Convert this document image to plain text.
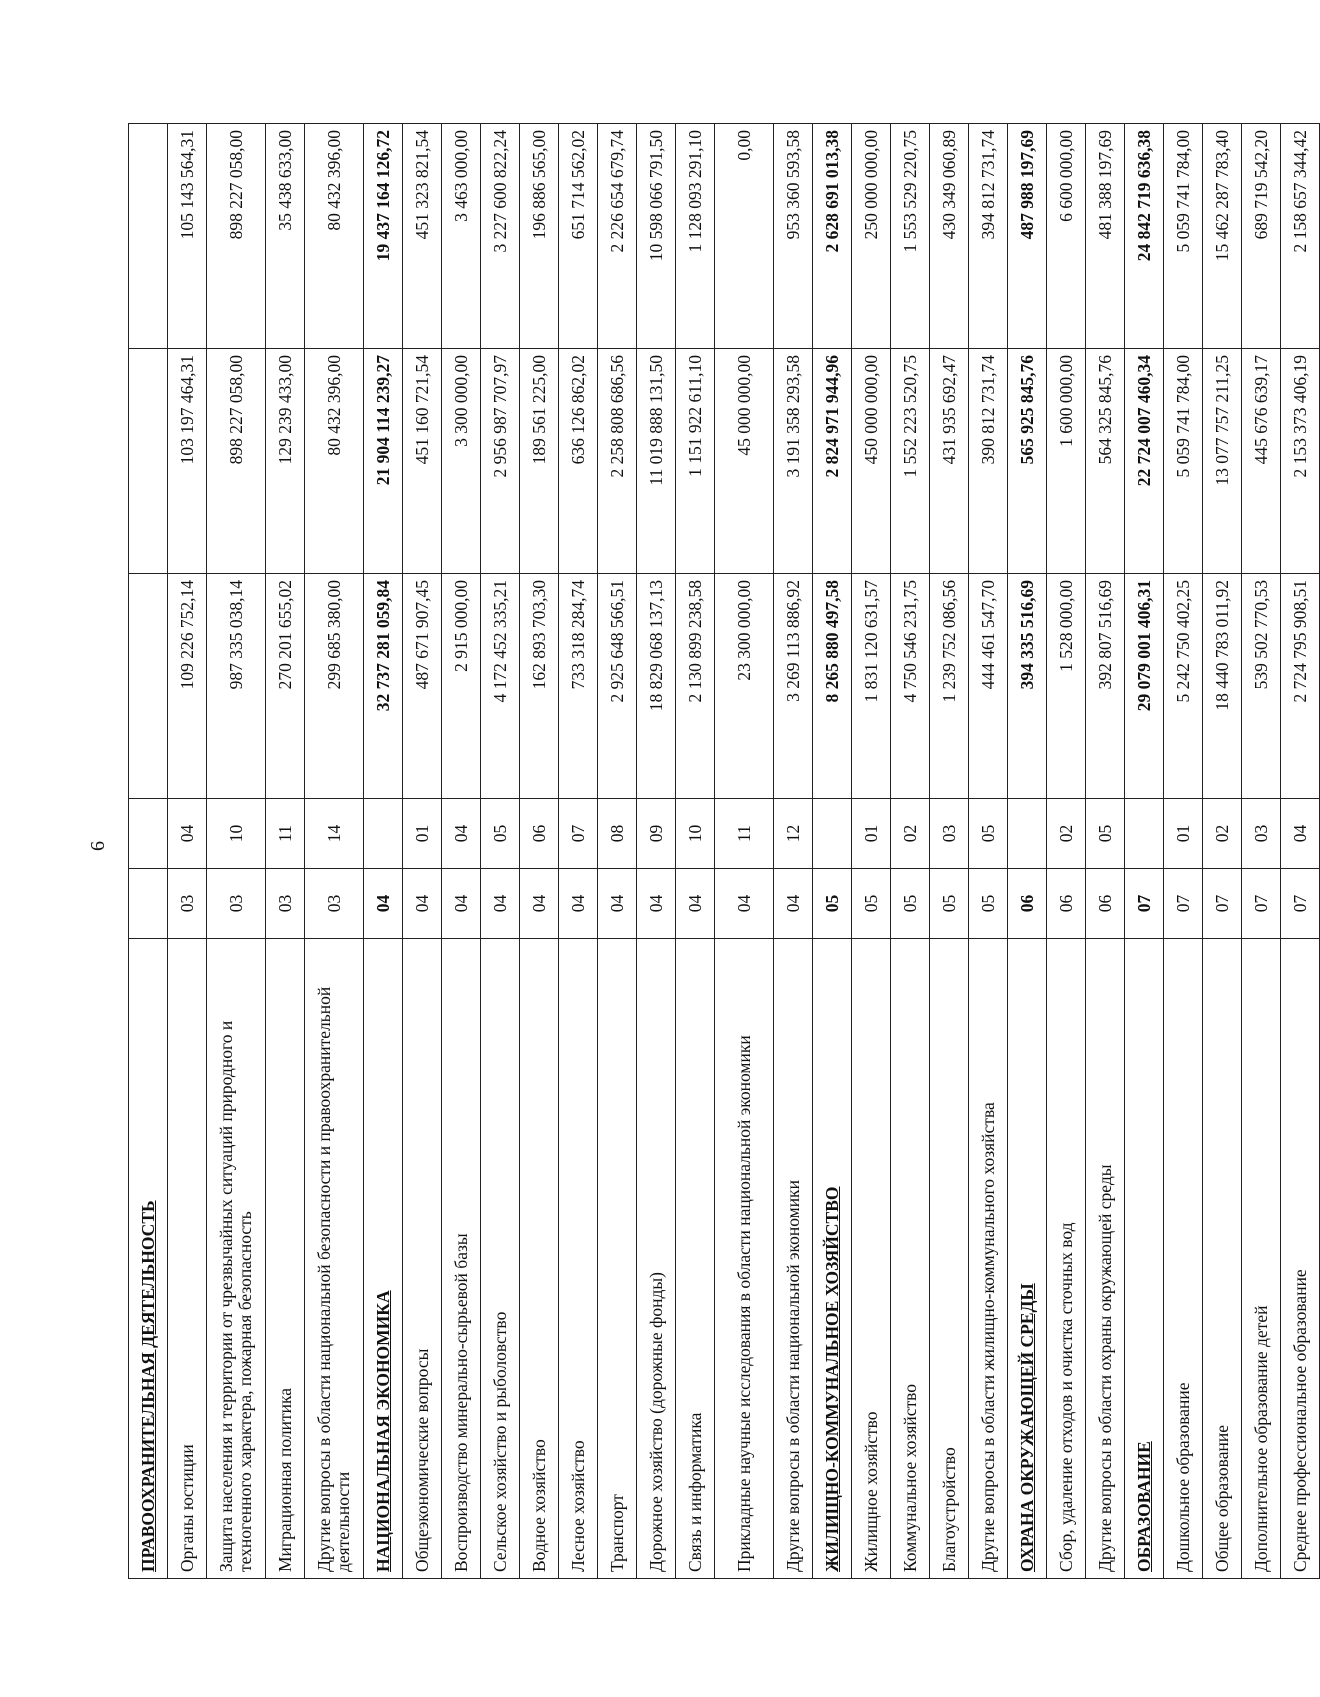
6
ПРАВООХРАНИТЕЛЬНАЯ ДЕЯТЕЛЬНОСТЬ					
Органы юстиции	03	04	109 226 752,14	103 197 464,31	105 143 564,31
Защита населения и территории от чрезвычайных ситуаций природного и техногенного характера, пожарная безопасность	03	10	987 335 038,14	898 227 058,00	898 227 058,00
Миграционная политика	03	11	270 201 655,02	129 239 433,00	35 438 633,00
Другие вопросы в области национальной безопасности и правоохранительной деятельности	03	14	299 685 380,00	80 432 396,00	80 432 396,00
НАЦИОНАЛЬНАЯ ЭКОНОМИКА	04		32 737 281 059,84	21 904 114 239,27	19 437 164 126,72
Общеэкономические вопросы	04	01	487 671 907,45	451 160 721,54	451 323 821,54
Воспроизводство минерально-сырьевой базы	04	04	2 915 000,00	3 300 000,00	3 463 000,00
Сельское хозяйство и рыболовство	04	05	4 172 452 335,21	2 956 987 707,97	3 227 600 822,24
Водное хозяйство	04	06	162 893 703,30	189 561 225,00	196 886 565,00
Лесное хозяйство	04	07	733 318 284,74	636 126 862,02	651 714 562,02
Транспорт	04	08	2 925 648 566,51	2 258 808 686,56	2 226 654 679,74
Дорожное хозяйство (дорожные фонды)	04	09	18 829 068 137,13	11 019 888 131,50	10 598 066 791,50
Связь и информатика	04	10	2 130 899 238,58	1 151 922 611,10	1 128 093 291,10
Прикладные научные исследования в области национальной экономики	04	11	23 300 000,00	45 000 000,00	0,00
Другие вопросы в области национальной экономики	04	12	3 269 113 886,92	3 191 358 293,58	953 360 593,58
ЖИЛИЩНО-КОММУНАЛЬНОЕ ХОЗЯЙСТВО	05		8 265 880 497,58	2 824 971 944,96	2 628 691 013,38
Жилищное хозяйство	05	01	1 831 120 631,57	450 000 000,00	250 000 000,00
Коммунальное хозяйство	05	02	4 750 546 231,75	1 552 223 520,75	1 553 529 220,75
Благоустройство	05	03	1 239 752 086,56	431 935 692,47	430 349 060,89
Другие вопросы в области жилищно-коммунального хозяйства	05	05	444 461 547,70	390 812 731,74	394 812 731,74
ОХРАНА ОКРУЖАЮЩЕЙ СРЕДЫ	06		394 335 516,69	565 925 845,76	487 988 197,69
Сбор, удаление отходов и очистка сточных вод	06	02	1 528 000,00	1 600 000,00	6 600 000,00
Другие вопросы в области охраны окружающей среды	06	05	392 807 516,69	564 325 845,76	481 388 197,69
ОБРАЗОВАНИЕ	07		29 079 001 406,31	22 724 007 460,34	24 842 719 636,38
Дошкольное образование	07	01	5 242 750 402,25	5 059 741 784,00	5 059 741 784,00
Общее образование	07	02	18 440 783 011,92	13 077 757 211,25	15 462 287 783,40
Дополнительное образование детей	07	03	539 502 770,53	445 676 639,17	689 719 542,20
Среднее профессиональное образование	07	04	2 724 795 908,51	2 153 373 406,19	2 158 657 344,42
